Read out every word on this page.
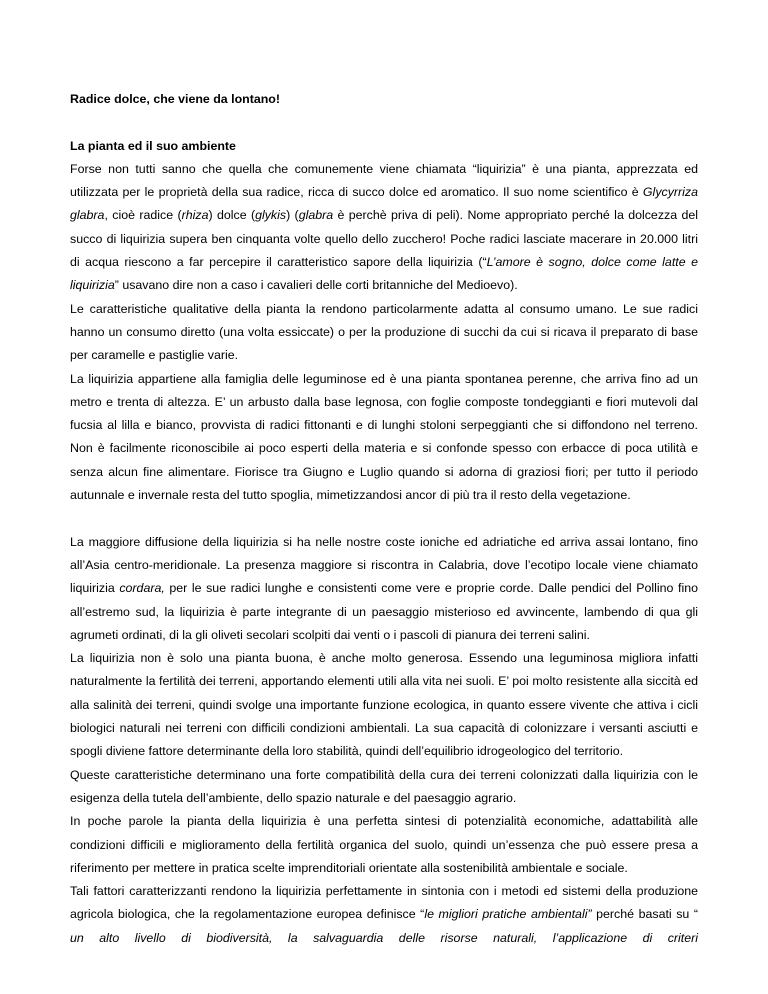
Radice dolce, che viene da lontano!

La pianta ed il suo ambiente

Forse non tutti sanno che quella che comunemente viene chiamata “liquirizia” è una pianta, apprezzata ed utilizzata per le proprietà della sua radice, ricca di succo dolce ed aromatico. Il suo nome scientifico è Glycyrriza glabra, cioè radice (rhiza) dolce (glykis) (glabra è perchè priva di peli). Nome appropriato perché la dolcezza del succo di liquirizia supera ben cinquanta volte quello dello zucchero! Poche radici lasciate macerare in 20.000 litri di acqua riescono a far percepire il caratteristico sapore della liquirizia (“L’amore è sogno, dolce come latte e liquirizia” usavano dire non a caso i cavalieri delle corti britanniche del Medioevo).

Le caratteristiche qualitative della pianta la rendono particolarmente adatta al consumo umano. Le sue radici hanno un consumo diretto (una volta essiccate) o per la produzione di succhi da cui si ricava il preparato di base per caramelle e pastiglie varie.

La liquirizia appartiene alla famiglia delle leguminose ed è una pianta spontanea perenne, che arriva fino ad un metro e trenta di altezza. E’ un arbusto dalla base legnosa, con foglie composte tondeggianti e fiori mutevoli dal fucsia al lilla e bianco, provvista di radici fittonanti e di lunghi stoloni serpeggianti che si diffondono nel terreno. Non è facilmente riconoscibile ai poco esperti della materia e si confonde spesso con erbacce di poca utilità e senza alcun fine alimentare. Fiorisce tra Giugno e Luglio quando si adorna di graziosi fiori; per tutto il periodo autunnale e invernale resta del tutto spoglia, mimetizzandosi ancor di più tra il resto della vegetazione.

La maggiore diffusione della liquirizia si ha nelle nostre coste ioniche ed adriatiche ed arriva assai lontano, fino all’Asia centro-meridionale. La presenza maggiore si riscontra in Calabria, dove l’ecotipo locale viene chiamato liquirizia cordara, per le sue radici lunghe e consistenti come vere e proprie corde. Dalle pendici del Pollino fino all’estremo sud, la liquirizia è parte integrante di un paesaggio misterioso ed avvincente, lambendo di qua gli agrumeti ordinati, di la gli oliveti secolari scolpiti dai venti o i pascoli di pianura dei terreni salini.

La liquirizia non è solo una pianta buona, è anche molto generosa. Essendo una leguminosa migliora infatti naturalmente la fertilità dei terreni, apportando elementi utili alla vita nei suoli. E’ poi molto resistente alla siccità ed alla salinità dei terreni, quindi svolge una importante funzione ecologica, in quanto essere vivente che attiva i cicli biologici naturali nei terreni con difficili condizioni ambientali. La sua capacità di colonizzare i versanti asciutti e spogli diviene fattore determinante della loro stabilità, quindi dell’equilibrio idrogeologico del territorio.

Queste caratteristiche determinano una forte compatibilità della cura dei terreni colonizzati dalla liquirizia con le esigenza della tutela dell’ambiente, dello spazio naturale e del paesaggio agrario.

In poche parole la pianta della liquirizia è una perfetta sintesi di potenzialità economiche, adattabilità alle condizioni difficili e miglioramento della fertilità organica del suolo, quindi un’essenza che può essere presa a riferimento per mettere in pratica scelte imprenditoriali orientate alla sostenibilità ambientale e sociale.

Tali fattori caratterizzanti rendono la liquirizia perfettamente in sintonia con i metodi ed sistemi della produzione agricola biologica, che la regolamentazione europea definisce “le migliori pratiche ambientali” perché basati su “ un alto livello di biodiversità, la salvaguardia delle risorse naturali, l’applicazione di criteri
